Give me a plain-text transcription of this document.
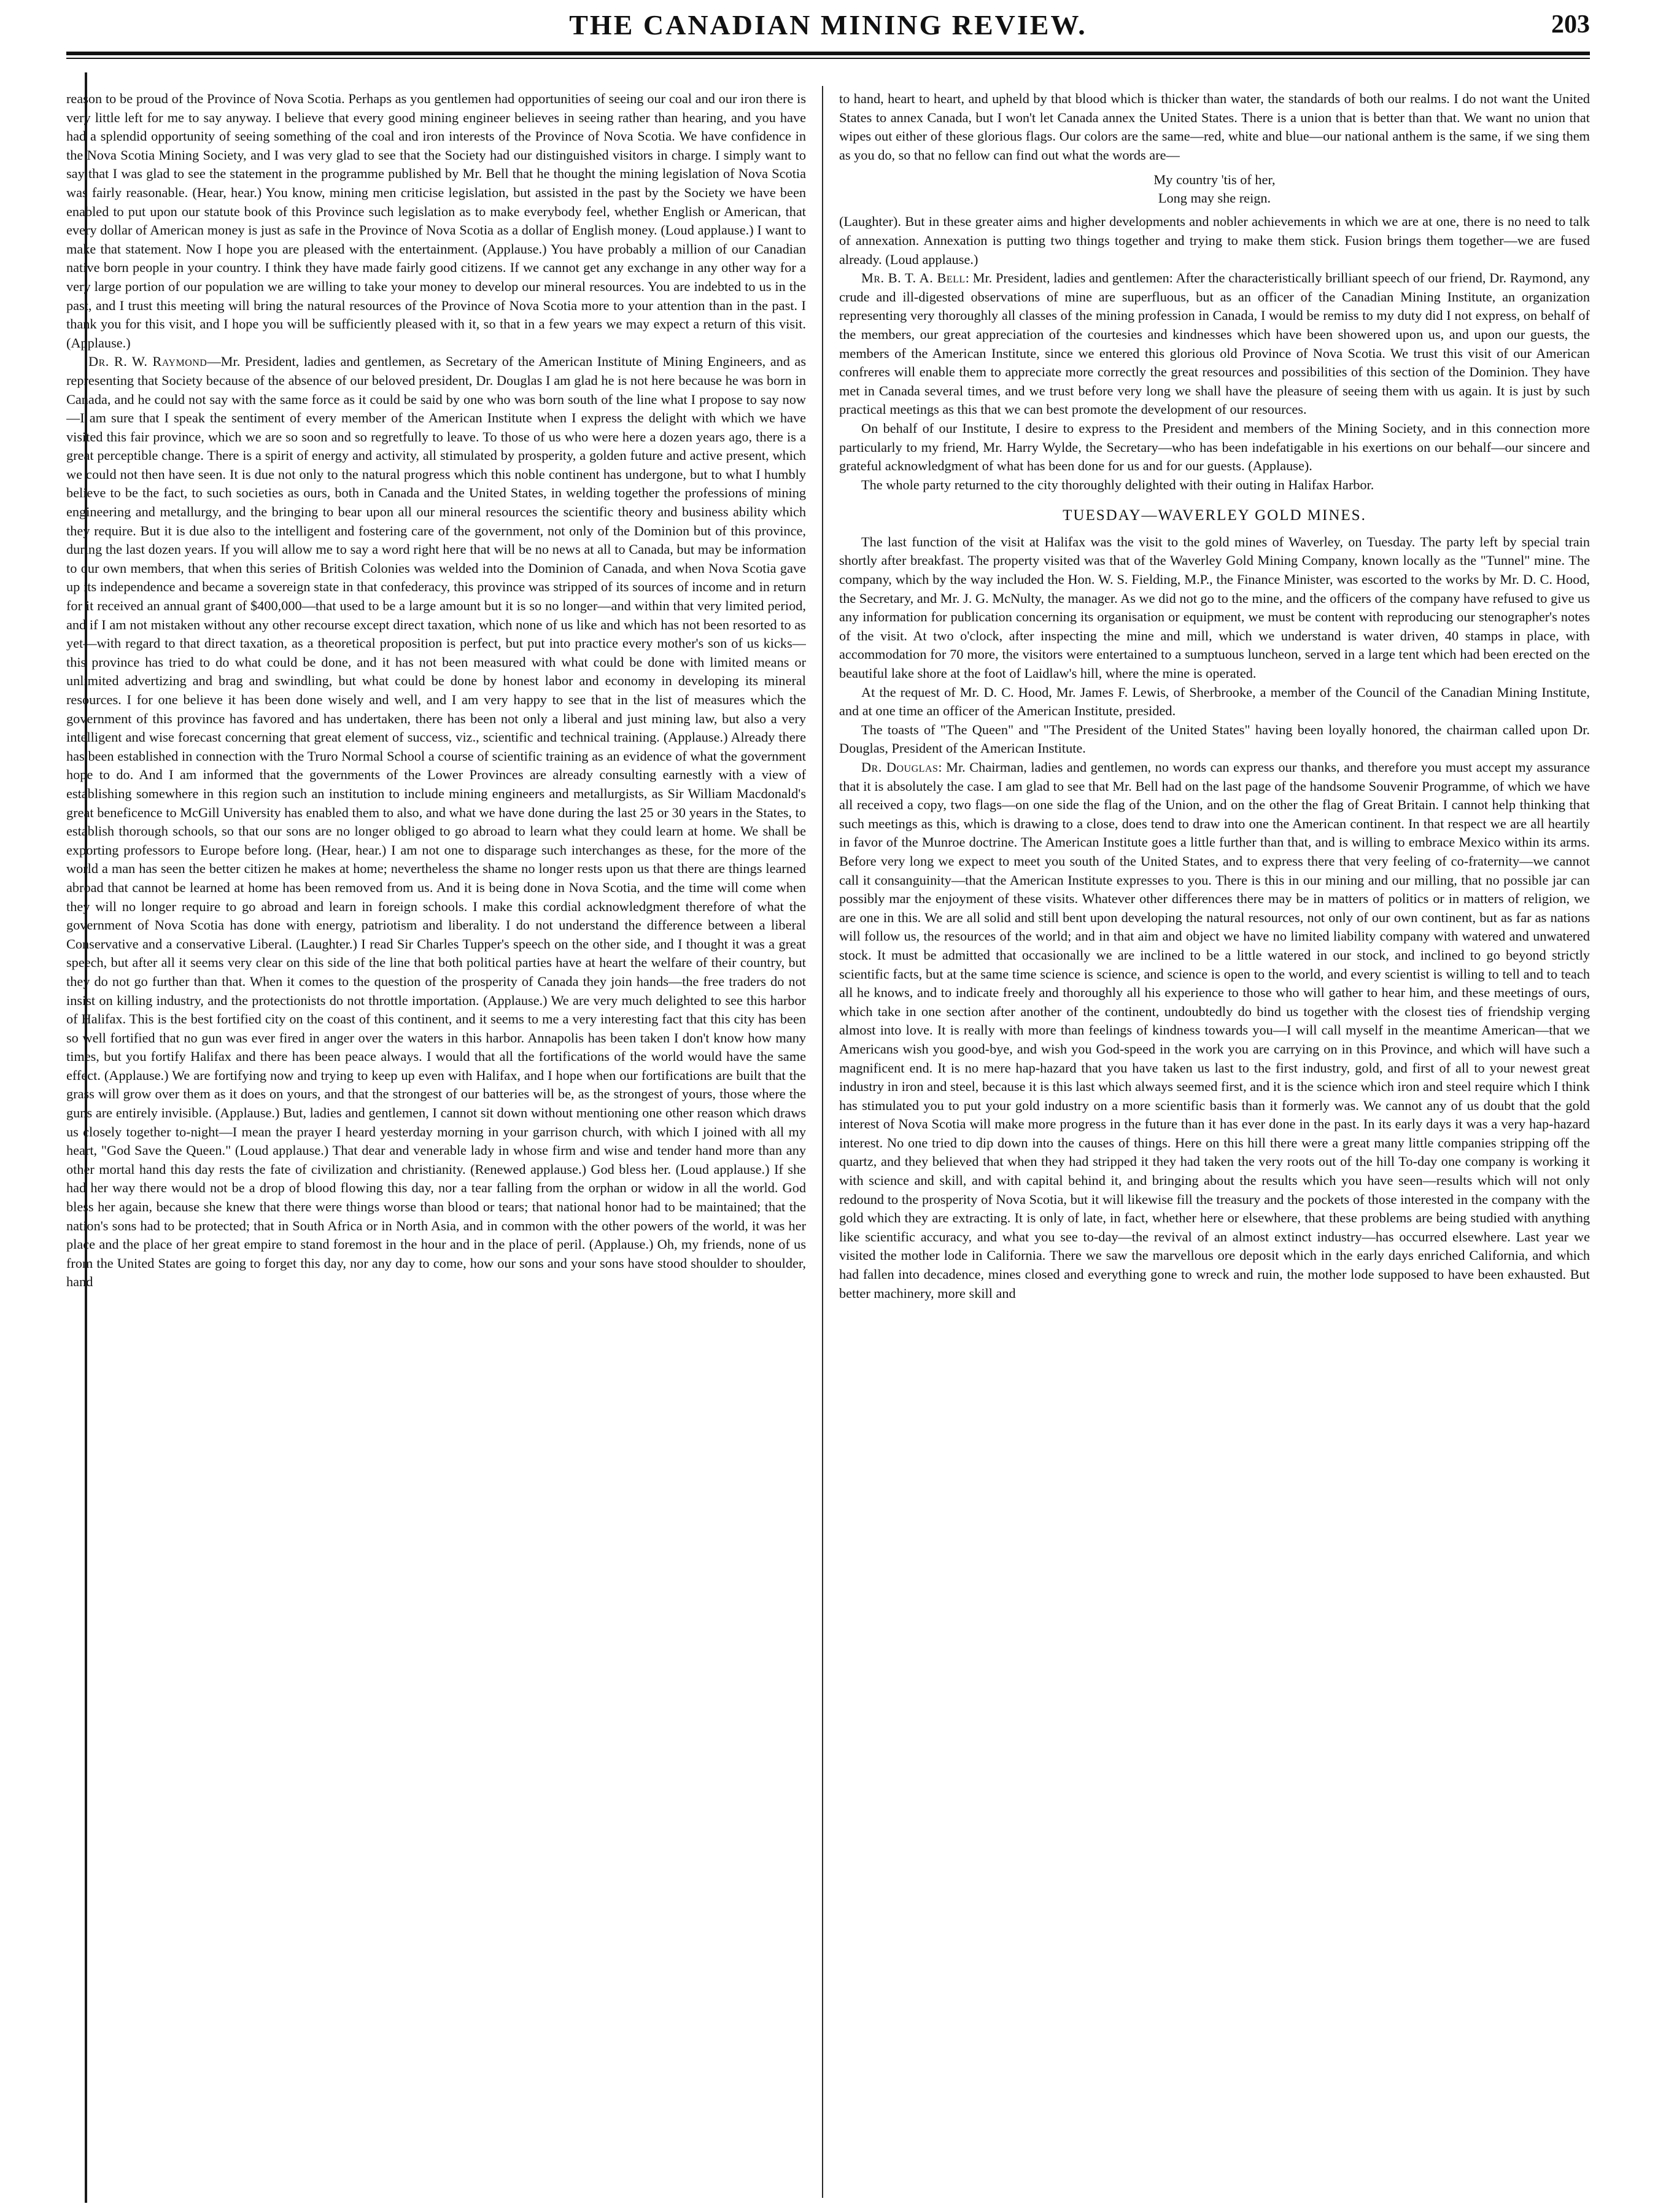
THE CANADIAN MINING REVIEW.	203

reason to be proud of the Province of Nova Scotia. Perhaps as you gentlemen had opportunities of seeing our coal and our iron there is very little left for me to say anyway. I believe that every good mining engineer believes in seeing rather than hearing, and you have had a splendid opportunity of seeing something of the coal and iron interests of the Province of Nova Scotia. We have confidence in the Nova Scotia Mining Society, and I was very glad to see that the Society had our distinguished visitors in charge. I simply want to say that I was glad to see the statement in the programme published by Mr. Bell that he thought the mining legislation of Nova Scotia was fairly reasonable. (Hear, hear.) You know, mining men criticise legislation, but assisted in the past by the Society we have been enabled to put upon our statute book of this Province such legislation as to make everybody feel, whether English or American, that every dollar of American money is just as safe in the Province of Nova Scotia as a dollar of English money. (Loud applause.) I want to make that statement. Now I hope you are pleased with the entertainment. (Applause.) You have probably a million of our Canadian native born people in your country. I think they have made fairly good citizens. If we cannot get any exchange in any other way for a very large portion of our population we are willing to take your money to develop our mineral resources. You are indebted to us in the past, and I trust this meeting will bring the natural resources of the Province of Nova Scotia more to your attention than in the past. I thank you for this visit, and I hope you will be sufficiently pleased with it, so that in a few years we may expect a return of this visit. (Applause.)

Dr. R. W. Raymond—Mr. President, ladies and gentlemen, as Secretary of the American Institute of Mining Engineers, and as representing that Society because of the absence of our beloved president, Dr. Douglas I am glad he is not here because he was born in Canada, and he could not say with the same force as it could be said by one who was born south of the line what I propose to say now—I am sure that I speak the sentiment of every member of the American Institute when I express the delight with which we have visited this fair province, which we are so soon and so regretfully to leave. To those of us who were here a dozen years ago, there is a great perceptible change. There is a spirit of energy and activity, all stimulated by prosperity, a golden future and active present, which we could not then have seen. It is due not only to the natural progress which this noble continent has undergone, but to what I humbly believe to be the fact, to such societies as ours, both in Canada and the United States, in welding together the professions of mining engineering and metallurgy, and the bringing to bear upon all our mineral resources the scientific theory and business ability which they require. But it is due also to the intelligent and fostering care of the government, not only of the Dominion but of this province, during the last dozen years. If you will allow me to say a word right here that will be no news at all to Canada, but may be information to our own members, that when this series of British Colonies was welded into the Dominion of Canada, and when Nova Scotia gave up its independence and became a sovereign state in that confederacy, this province was stripped of its sources of income and in return for it received an annual grant of $400,000—that used to be a large amount but it is so no longer—and within that very limited period, and if I am not mistaken without any other recourse except direct taxation, which none of us like and which has not been resorted to as yet—with regard to that direct taxation, as a theoretical proposition is perfect, but put into practice every mother's son of us kicks—this province has tried to do what could be done, and it has not been measured with what could be done with limited means or unlimited advertizing and brag and swindling, but what could be done by honest labor and economy in developing its mineral resources. I for one believe it has been done wisely and well, and I am very happy to see that in the list of measures which the government of this province has favored and has undertaken, there has been not only a liberal and just mining law, but also a very intelligent and wise forecast concerning that great element of success, viz., scientific and technical training. (Applause.) Already there has been established in connection with the Truro Normal School a course of scientific training as an evidence of what the government hope to do. And I am informed that the governments of the Lower Provinces are already consulting earnestly with a view of establishing somewhere in this region such an institution to include mining engineers and metallurgists, as Sir William Macdonald's great beneficence to McGill University has enabled them to also, and what we have done during the last 25 or 30 years in the States, to establish thorough schools, so that our sons are no longer obliged to go abroad to learn what they could learn at home. We shall be exporting professors to Europe before long. (Hear, hear.) I am not one to disparage such interchanges as these, for the more of the world a man has seen the better citizen he makes at home; nevertheless the shame no longer rests upon us that there are things learned abroad that cannot be learned at home has been removed from us. And it is being done in Nova Scotia, and the time will come when they will no longer require to go abroad and learn in foreign schools. I make this cordial acknowledgment therefore of what the government of Nova Scotia has done with energy, patriotism and liberality. I do not understand the difference between a liberal Conservative and a conservative Liberal. (Laughter.) I read Sir Charles Tupper's speech on the other side, and I thought it was a great speech, but after all it seems very clear on this side of the line that both political parties have at heart the welfare of their country, but they do not go further than that. When it comes to the question of the prosperity of Canada they join hands—the free traders do not insist on killing industry, and the protectionists do not throttle importation. (Applause.) We are very much delighted to see this harbor of Halifax. This is the best fortified city on the coast of this continent, and it seems to me a very interesting fact that this city has been so well fortified that no gun was ever fired in anger over the waters in this harbor. Annapolis has been taken I don't know how many times, but you fortify Halifax and there has been peace always. I would that all the fortifications of the world would have the same effect. (Applause.) We are fortifying now and trying to keep up even with Halifax, and I hope when our fortifications are built that the grass will grow over them as it does on yours, and that the strongest of our batteries will be, as the strongest of yours, those where the guns are entirely invisible. (Applause.) But, ladies and gentlemen, I cannot sit down without mentioning one other reason which draws us closely together to-night—I mean the prayer I heard yesterday morning in your garrison church, with which I joined with all my heart, "God Save the Queen." (Loud applause.) That dear and venerable lady in whose firm and wise and tender hand more than any other mortal hand this day rests the fate of civilization and christianity. (Renewed applause.) God bless her. (Loud applause.) If she had her way there would not be a drop of blood flowing this day, nor a tear falling from the orphan or widow in all the world. God bless her again, because she knew that there were things worse than blood or tears; that national honor had to be maintained; that the nation's sons had to be protected; that in South Africa or in North Asia, and in common with the other powers of the world, it was her place and the place of her great empire to stand foremost in the hour and in the place of peril. (Applause.) Oh, my friends, none of us from the United States are going to forget this day, nor any day to come, how our sons and your sons have stood shoulder to shoulder, hand

to hand, heart to heart, and upheld by that blood which is thicker than water, the standards of both our realms. I do not want the United States to annex Canada, but I won't let Canada annex the United States. There is a union that is better than that. We want no union that wipes out either of these glorious flags. Our colors are the same—red, white and blue—our national anthem is the same, if we sing them as you do, so that no fellow can find out what the words are—

My country 'tis of her,
Long may she reign.

(Laughter). But in these greater aims and higher developments and nobler achievements in which we are at one, there is no need to talk of annexation. Annexation is putting two things together and trying to make them stick. Fusion brings them together—we are fused already. (Loud applause.)

Mr. B. T. A. Bell: Mr. President, ladies and gentlemen: After the characteristically brilliant speech of our friend, Dr. Raymond, any crude and ill-digested observations of mine are superfluous, but as an officer of the Canadian Mining Institute, an organization representing very thoroughly all classes of the mining profession in Canada, I would be remiss to my duty did I not express, on behalf of the members, our great appreciation of the courtesies and kindnesses which have been showered upon us, and upon our guests, the members of the American Institute, since we entered this glorious old Province of Nova Scotia. We trust this visit of our American confreres will enable them to appreciate more correctly the great resources and possibilities of this section of the Dominion. They have met in Canada several times, and we trust before very long we shall have the pleasure of seeing them with us again. It is just by such practical meetings as this that we can best promote the development of our resources.

On behalf of our Institute, I desire to express to the President and members of the Mining Society, and in this connection more particularly to my friend, Mr. Harry Wylde, the Secretary—who has been indefatigable in his exertions on our behalf—our sincere and grateful acknowledgment of what has been done for us and for our guests. (Applause).

The whole party returned to the city thoroughly delighted with their outing in Halifax Harbor.

TUESDAY—WAVERLEY GOLD MINES.

The last function of the visit at Halifax was the visit to the gold mines of Waverley, on Tuesday. The party left by special train shortly after breakfast. The property visited was that of the Waverley Gold Mining Company, known locally as the "Tunnel" mine. The company, which by the way included the Hon. W. S. Fielding, M.P., the Finance Minister, was escorted to the works by Mr. D. C. Hood, the Secretary, and Mr. J. G. McNulty, the manager. As we did not go to the mine, and the officers of the company have refused to give us any information for publication concerning its organisation or equipment, we must be content with reproducing our stenographer's notes of the visit. At two o'clock, after inspecting the mine and mill, which we understand is water driven, 40 stamps in place, with accommodation for 70 more, the visitors were entertained to a sumptuous luncheon, served in a large tent which had been erected on the beautiful lake shore at the foot of Laidlaw's hill, where the mine is operated.

At the request of Mr. D. C. Hood, Mr. James F. Lewis, of Sherbrooke, a member of the Council of the Canadian Mining Institute, and at one time an officer of the American Institute, presided.

The toasts of "The Queen" and "The President of the United States" having been loyally honored, the chairman called upon Dr. Douglas, President of the American Institute.

Dr. Douglas: Mr. Chairman, ladies and gentlemen, no words can express our thanks, and therefore you must accept my assurance that it is absolutely the case. I am glad to see that Mr. Bell had on the last page of the handsome Souvenir Programme, of which we have all received a copy, two flags—on one side the flag of the Union, and on the other the flag of Great Britain. I cannot help thinking that such meetings as this, which is drawing to a close, does tend to draw into one the American continent. In that respect we are all heartily in favor of the Munroe doctrine. The American Institute goes a little further than that, and is willing to embrace Mexico within its arms. Before very long we expect to meet you south of the United States, and to express there that very feeling of co-fraternity—we cannot call it consanguinity—that the American Institute expresses to you. There is this in our mining and our milling, that no possible jar can possibly mar the enjoyment of these visits. Whatever other differences there may be in matters of politics or in matters of religion, we are one in this. We are all solid and still bent upon developing the natural resources, not only of our own continent, but as far as nations will follow us, the resources of the world; and in that aim and object we have no limited liability company with watered and unwatered stock. It must be admitted that occasionally we are inclined to be a little watered in our stock, and inclined to go beyond strictly scientific facts, but at the same time science is science, and science is open to the world, and every scientist is willing to tell and to teach all he knows, and to indicate freely and thoroughly all his experience to those who will gather to hear him, and these meetings of ours, which take in one section after another of the continent, undoubtedly do bind us together with the closest ties of friendship verging almost into love. It is really with more than feelings of kindness towards you—I will call myself in the meantime American—that we Americans wish you good-bye, and wish you God-speed in the work you are carrying on in this Province, and which will have such a magnificent end. It is no mere hap-hazard that you have taken us last to the first industry, gold, and first of all to your newest great industry in iron and steel, because it is this last which always seemed first, and it is the science which iron and steel require which I think has stimulated you to put your gold industry on a more scientific basis than it formerly was. We cannot any of us doubt that the gold interest of Nova Scotia will make more progress in the future than it has ever done in the past. In its early days it was a very hap-hazard interest. No one tried to dip down into the causes of things. Here on this hill there were a great many little companies stripping off the quartz, and they believed that when they had stripped it they had taken the very roots out of the hill To-day one company is working it with science and skill, and with capital behind it, and bringing about the results which you have seen—results which will not only redound to the prosperity of Nova Scotia, but it will likewise fill the treasury and the pockets of those interested in the company with the gold which they are extracting. It is only of late, in fact, whether here or elsewhere, that these problems are being studied with anything like scientific accuracy, and what you see to-day—the revival of an almost extinct industry—has occurred elsewhere. Last year we visited the mother lode in California. There we saw the marvellous ore deposit which in the early days enriched California, and which had fallen into decadence, mines closed and everything gone to wreck and ruin, the mother lode supposed to have been exhausted. But better machinery, more skill and
